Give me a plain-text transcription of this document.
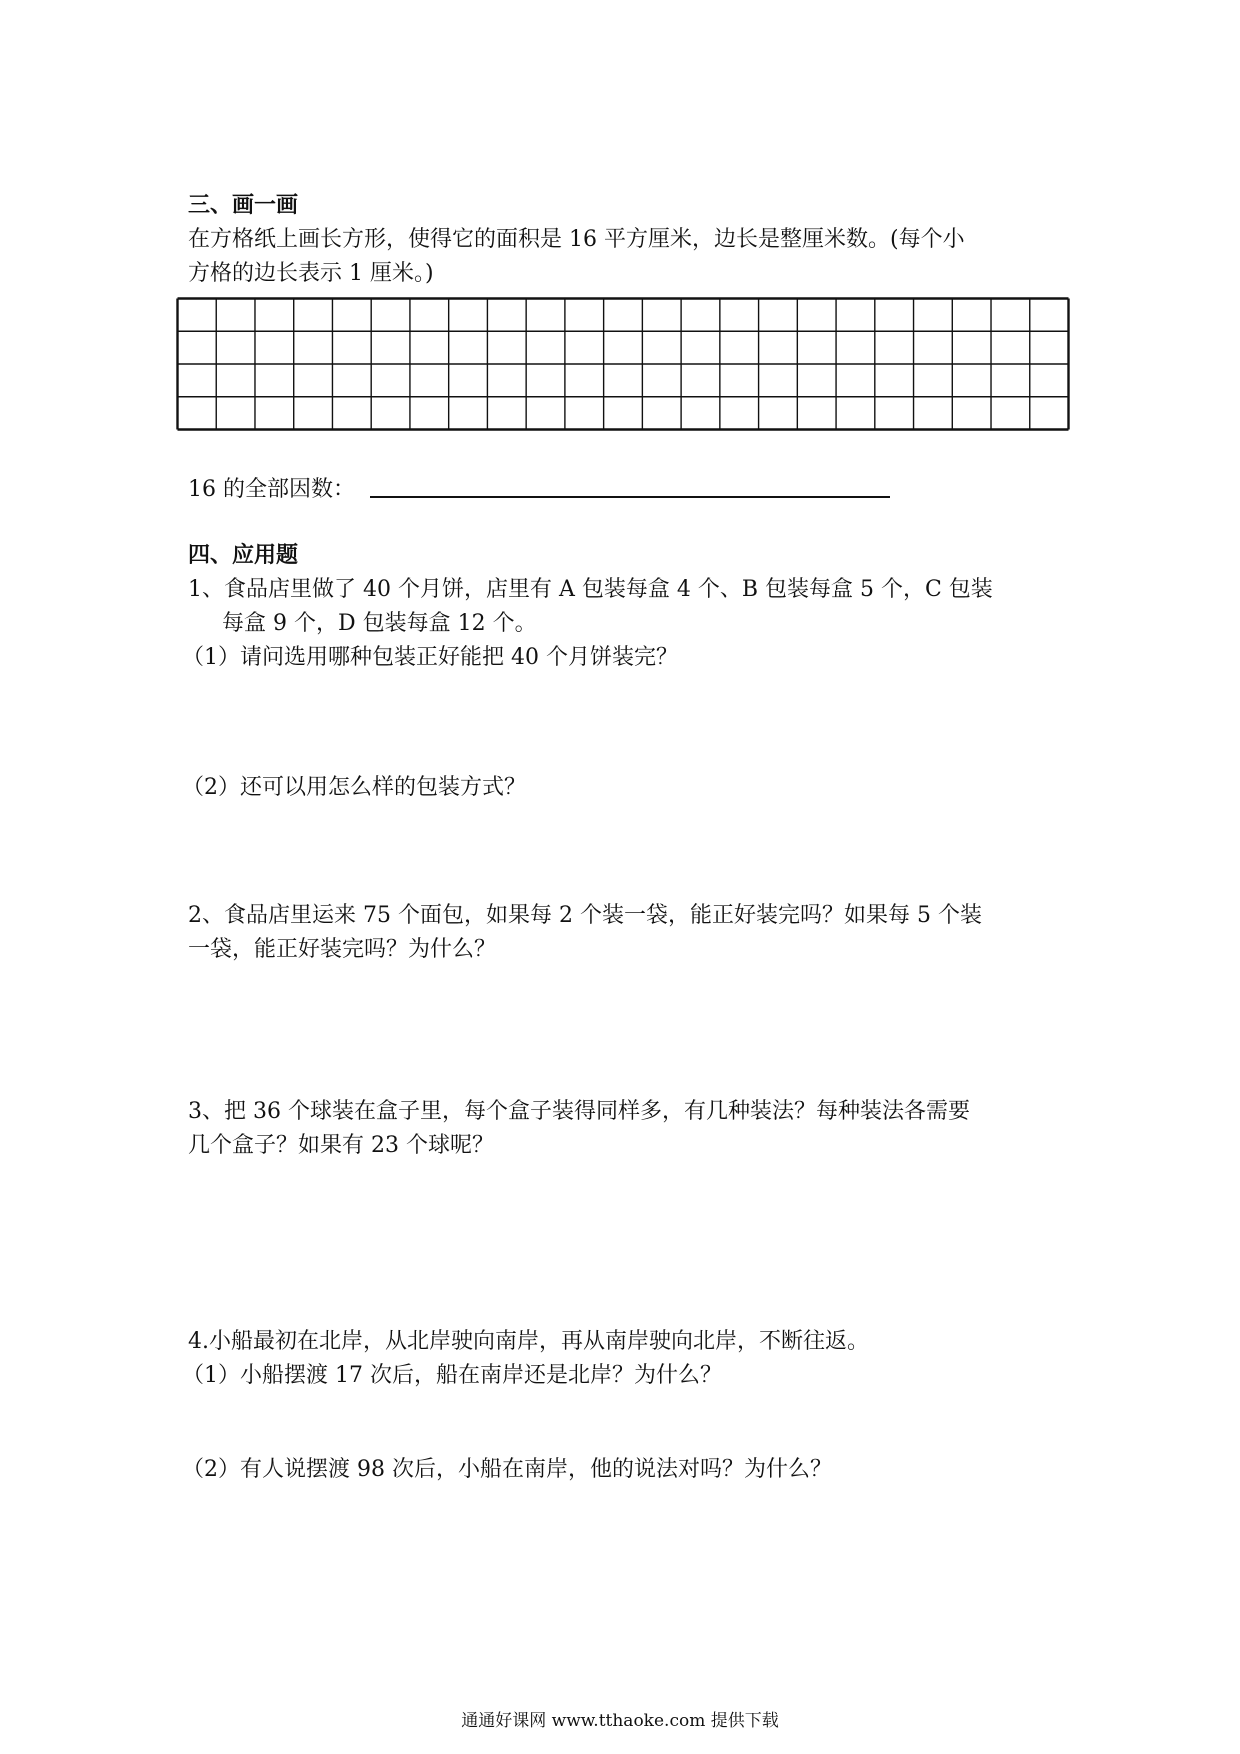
三、画一画
在方格纸上画长方形，使得它的面积是 16 平方厘米，边长是整厘米数。(每个小
方格的边长表示 1 厘米。)
16 的全部因数：
四、应用题
1、食品店里做了 40 个月饼，店里有 A 包装每盒 4 个、B 包装每盒 5 个，C 包装
每盒 9 个，D 包装每盒 12 个。
（1）请问选用哪种包装正好能把 40 个月饼装完？
（2）还可以用怎么样的包装方式？
2、食品店里运来 75 个面包，如果每 2 个装一袋，能正好装完吗？如果每 5 个装
一袋，能正好装完吗？为什么？
3、把 36 个球装在盒子里，每个盒子装得同样多，有几种装法？每种装法各需要
几个盒子？如果有 23 个球呢？
4.小船最初在北岸，从北岸驶向南岸，再从南岸驶向北岸，不断往返。
（1）小船摆渡 17 次后，船在南岸还是北岸？为什么？
（2）有人说摆渡 98 次后，小船在南岸，他的说法对吗？为什么？
通通好课网 www.tthaoke.com 提供下载
